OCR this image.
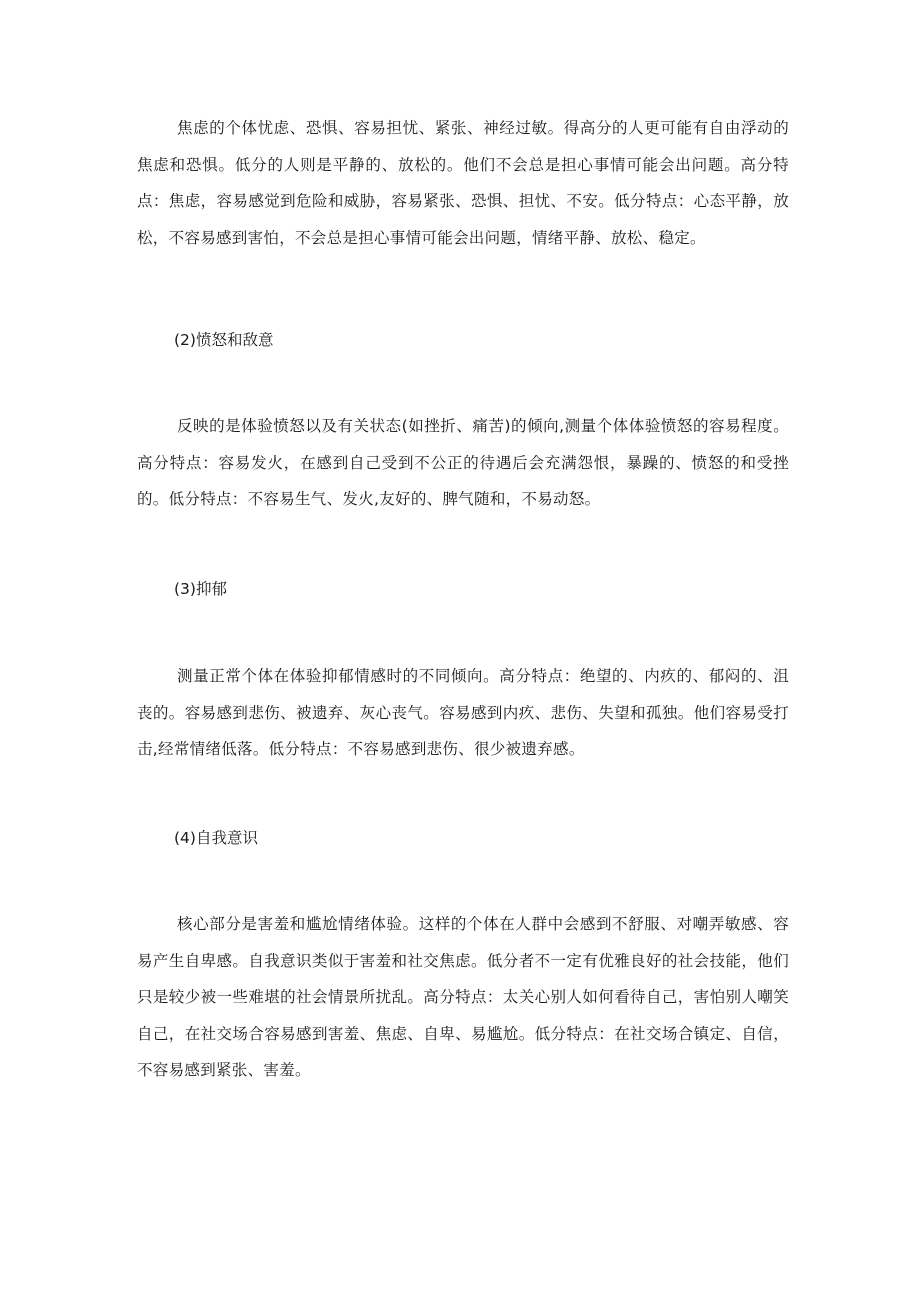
焦虑的个体忧虑、恐惧、容易担忧、紧张、神经过敏。得高分的人更可能有自由浮动的焦虑和恐惧。低分的人则是平静的、放松的。他们不会总是担心事情可能会出问题。高分特点：焦虑，容易感觉到危险和威胁，容易紧张、恐惧、担忧、不安。低分特点：心态平静，放松，不容易感到害怕，不会总是担心事情可能会出问题，情绪平静、放松、稳定。

(2)愤怒和敌意

反映的是体验愤怒以及有关状态(如挫折、痛苦)的倾向,测量个体体验愤怒的容易程度。高分特点：容易发火，在感到自己受到不公正的待遇后会充满怨恨，暴躁的、愤怒的和受挫的。低分特点：不容易生气、发火,友好的、脾气随和，不易动怒。

(3)抑郁

测量正常个体在体验抑郁情感时的不同倾向。高分特点：绝望的、内疚的、郁闷的、沮丧的。容易感到悲伤、被遗弃、灰心丧气。容易感到内疚、悲伤、失望和孤独。他们容易受打击,经常情绪低落。低分特点：不容易感到悲伤、很少被遗弃感。

(4)自我意识

核心部分是害羞和尴尬情绪体验。这样的个体在人群中会感到不舒服、对嘲弄敏感、容易产生自卑感。自我意识类似于害羞和社交焦虑。低分者不一定有优雅良好的社会技能，他们只是较少被一些难堪的社会情景所扰乱。高分特点：太关心别人如何看待自己，害怕别人嘲笑自己，在社交场合容易感到害羞、焦虑、自卑、易尴尬。低分特点：在社交场合镇定、自信，不容易感到紧张、害羞。
